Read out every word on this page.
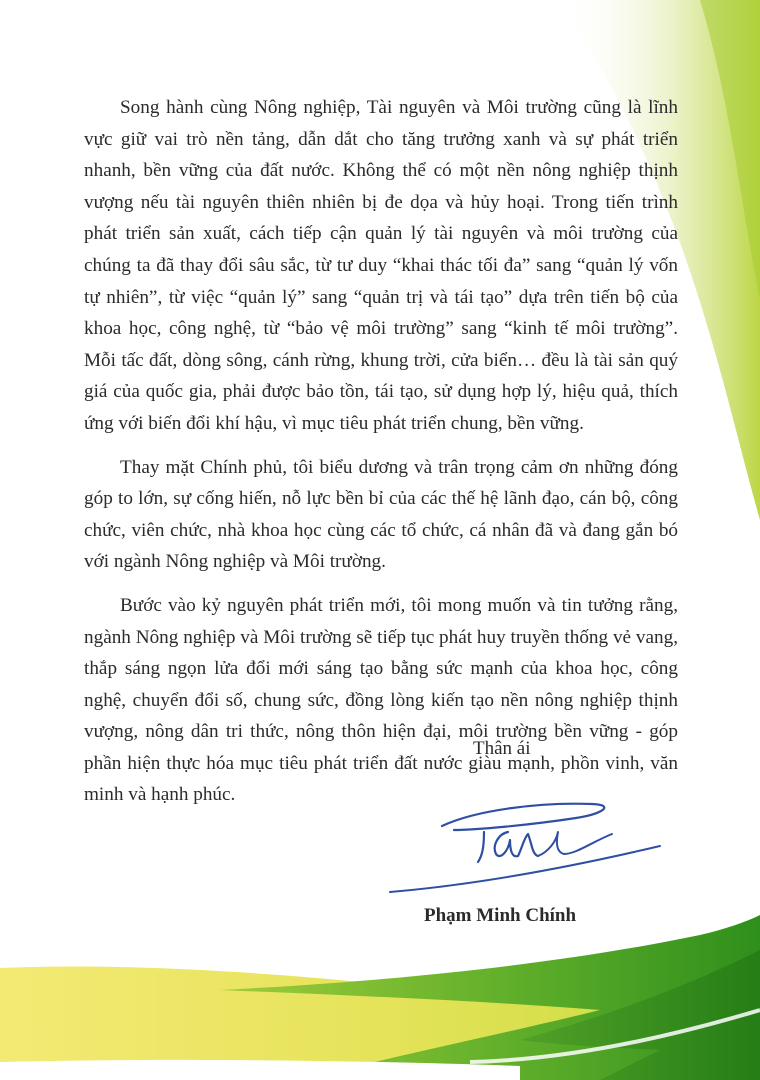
Song hành cùng Nông nghiệp, Tài nguyên và Môi trường cũng là lĩnh vực giữ vai trò nền tảng, dẫn dắt cho tăng trưởng xanh và sự phát triển nhanh, bền vững của đất nước. Không thể có một nền nông nghiệp thịnh vượng nếu tài nguyên thiên nhiên bị đe dọa và hủy hoại. Trong tiến trình phát triển sản xuất, cách tiếp cận quản lý tài nguyên và môi trường của chúng ta đã thay đổi sâu sắc, từ tư duy “khai thác tối đa” sang “quản lý vốn tự nhiên”, từ việc “quản lý” sang “quản trị và tái tạo” dựa trên tiến bộ của khoa học, công nghệ, từ “bảo vệ môi trường” sang “kinh tế môi trường”. Mỗi tấc đất, dòng sông, cánh rừng, khung trời, cửa biển… đều là tài sản quý giá của quốc gia, phải được bảo tồn, tái tạo, sử dụng hợp lý, hiệu quả, thích ứng với biến đổi khí hậu, vì mục tiêu phát triển chung, bền vững.

Thay mặt Chính phủ, tôi biểu dương và trân trọng cảm ơn những đóng góp to lớn, sự cống hiến, nỗ lực bền bỉ của các thế hệ lãnh đạo, cán bộ, công chức, viên chức, nhà khoa học cùng các tổ chức, cá nhân đã và đang gắn bó với ngành Nông nghiệp và Môi trường.

Bước vào kỷ nguyên phát triển mới, tôi mong muốn và tin tưởng rằng, ngành Nông nghiệp và Môi trường sẽ tiếp tục phát huy truyền thống vẻ vang, thắp sáng ngọn lửa đổi mới sáng tạo bằng sức mạnh của khoa học, công nghệ, chuyển đổi số, chung sức, đồng lòng kiến tạo nền nông nghiệp thịnh vượng, nông dân tri thức, nông thôn hiện đại, môi trường bền vững - góp phần hiện thực hóa mục tiêu phát triển đất nước giàu mạnh, phồn vinh, văn minh và hạnh phúc.

Thân ái
Phạm Minh Chính
